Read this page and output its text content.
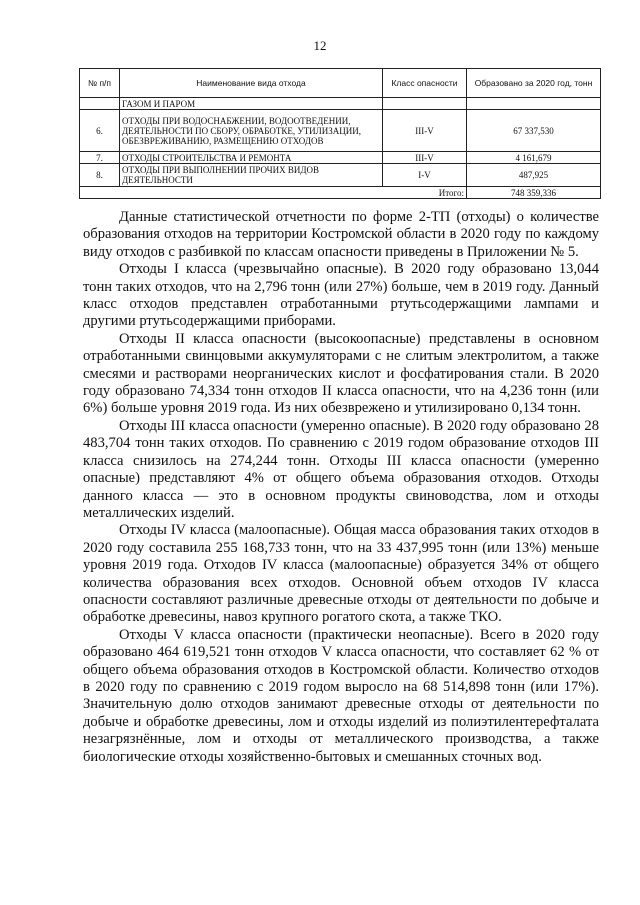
12
№ п/п	Наименование вида отхода	Класс опасности	Образовано за 2020 год, тонн
	ГАЗОМ И ПАРОМ		
6.	ОТХОДЫ ПРИ ВОДОСНАБЖЕНИИ, ВОДООТВЕДЕНИИ, ДЕЯТЕЛЬНОСТИ ПО СБОРУ, ОБРАБОТКЕ, УТИЛИЗАЦИИ, ОБЕЗВРЕЖИВАНИЮ, РАЗМЕЩЕНИЮ ОТХОДОВ	III-V	67 337,530
7.	ОТХОДЫ СТРОИТЕЛЬСТВА И РЕМОНТА	III-V	4 161,679
8.	ОТХОДЫ ПРИ ВЫПОЛНЕНИИ ПРОЧИХ ВИДОВ ДЕЯТЕЛЬНОСТИ	I-V	487,925
Итого:			748 359,336

Данные статистической отчетности по форме 2-ТП (отходы) о количестве образования отходов на территории Костромской области в 2020 году по каждому виду отходов с разбивкой по классам опасности приведены в Приложении № 5.

Отходы I класса (чрезвычайно опасные). В 2020 году образовано 13,044 тонн таких отходов, что на 2,796 тонн (или 27%) больше, чем в 2019 году. Данный класс отходов представлен отработанными ртутьсодержащими лампами и другими ртутьсодержащими приборами.

Отходы II класса опасности (высокоопасные) представлены в основном отработанными свинцовыми аккумуляторами с не слитым электролитом, а также смесями и растворами неорганических кислот и фосфатирования стали. В 2020 году образовано 74,334 тонн отходов II класса опасности, что на 4,236 тонн (или 6%) больше уровня 2019 года. Из них обезврежено и утилизировано 0,134 тонн.

Отходы III класса опасности (умеренно опасные). В 2020 году образовано 28 483,704 тонн таких отходов. По сравнению с 2019 годом образование отходов III класса снизилось на 274,244 тонн. Отходы III класса опасности (умеренно опасные) представляют 4% от общего объема образования отходов. Отходы данного класса — это в основном продукты свиноводства, лом и отходы металлических изделий.

Отходы IV класса (малоопасные). Общая масса образования таких отходов в 2020 году составила 255 168,733 тонн, что на 33 437,995 тонн (или 13%) меньше уровня 2019 года. Отходов IV класса (малоопасные) образуется 34% от общего количества образования всех отходов. Основной объем отходов IV класса опасности составляют различные древесные отходы от деятельности по добыче и обработке древесины, навоз крупного рогатого скота, а также ТКО.

Отходы V класса опасности (практически неопасные). Всего в 2020 году образовано 464 619,521 тонн отходов V класса опасности, что составляет 62 % от общего объема образования отходов в Костромской области. Количество отходов в 2020 году по сравнению с 2019 годом выросло на 68 514,898 тонн (или 17%). Значительную долю отходов занимают древесные отходы от деятельности по добыче и обработке древесины, лом и отходы изделий из полиэтилентерефталата незагрязнённые, лом и отходы от металлического производства, а также биологические отходы хозяйственно-бытовых и смешанных сточных вод.
